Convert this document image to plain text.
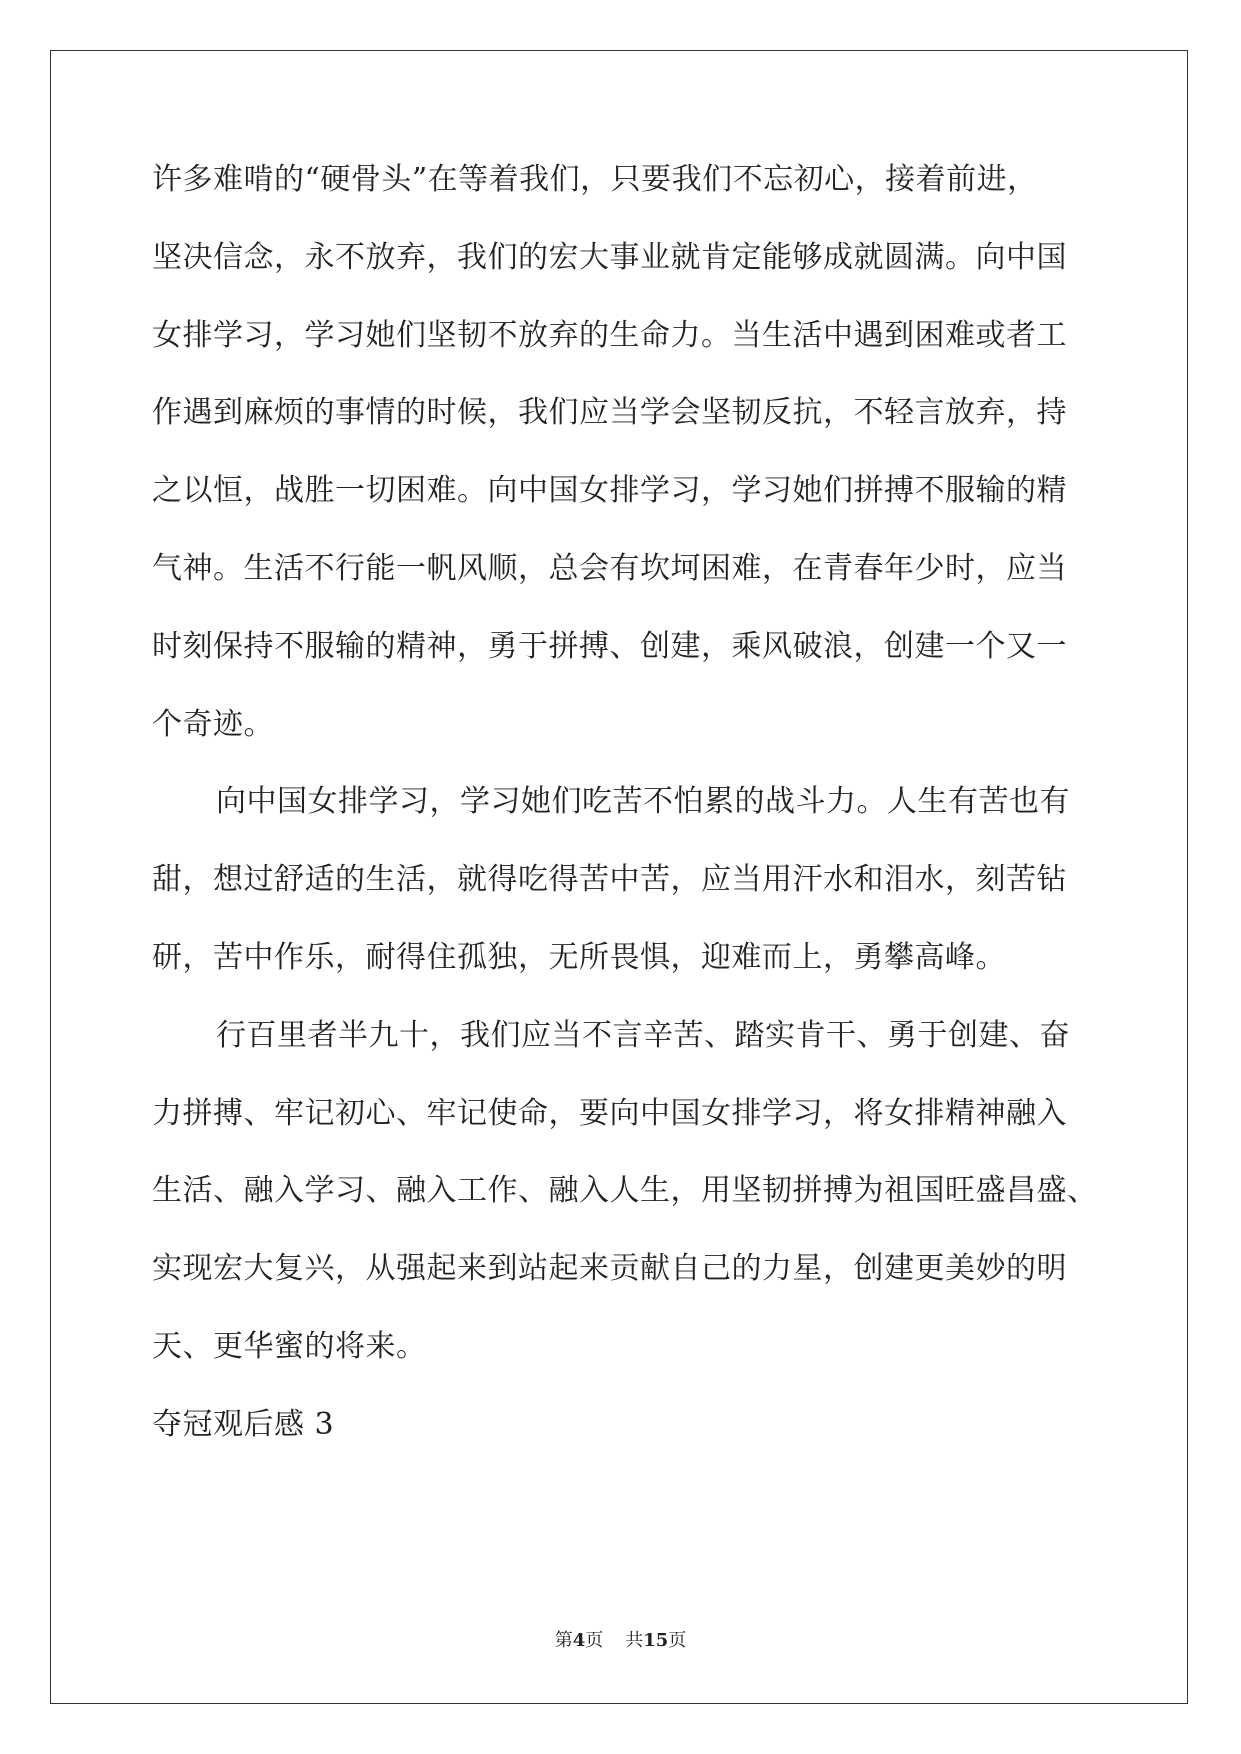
许多难啃的“硬骨头”在等着我们，只要我们不忘初心，接着前进，
坚决信念，永不放弃，我们的宏大事业就肯定能够成就圆满。向中国
女排学习，学习她们坚韧不放弃的生命力。当生活中遇到困难或者工
作遇到麻烦的事情的时候，我们应当学会坚韧反抗，不轻言放弃，持
之以恒，战胜一切困难。向中国女排学习，学习她们拼搏不服输的精
气神。生活不行能一帆风顺，总会有坎坷困难，在青春年少时，应当
时刻保持不服输的精神，勇于拼搏、创建，乘风破浪，创建一个又一
个奇迹。
向中国女排学习，学习她们吃苦不怕累的战斗力。人生有苦也有
甜，想过舒适的生活，就得吃得苦中苦，应当用汗水和泪水，刻苦钻
研，苦中作乐，耐得住孤独，无所畏惧，迎难而上，勇攀高峰。
行百里者半九十，我们应当不言辛苦、踏实肯干、勇于创建、奋
力拼搏、牢记初心、牢记使命，要向中国女排学习，将女排精神融入
生活、融入学习、融入工作、融入人生，用坚韧拼搏为祖国旺盛昌盛、
实现宏大复兴，从强起来到站起来贡献自己的力星，创建更美妙的明
天、更华蜜的将来。
夺冠观后感 3
第4页 共15页
